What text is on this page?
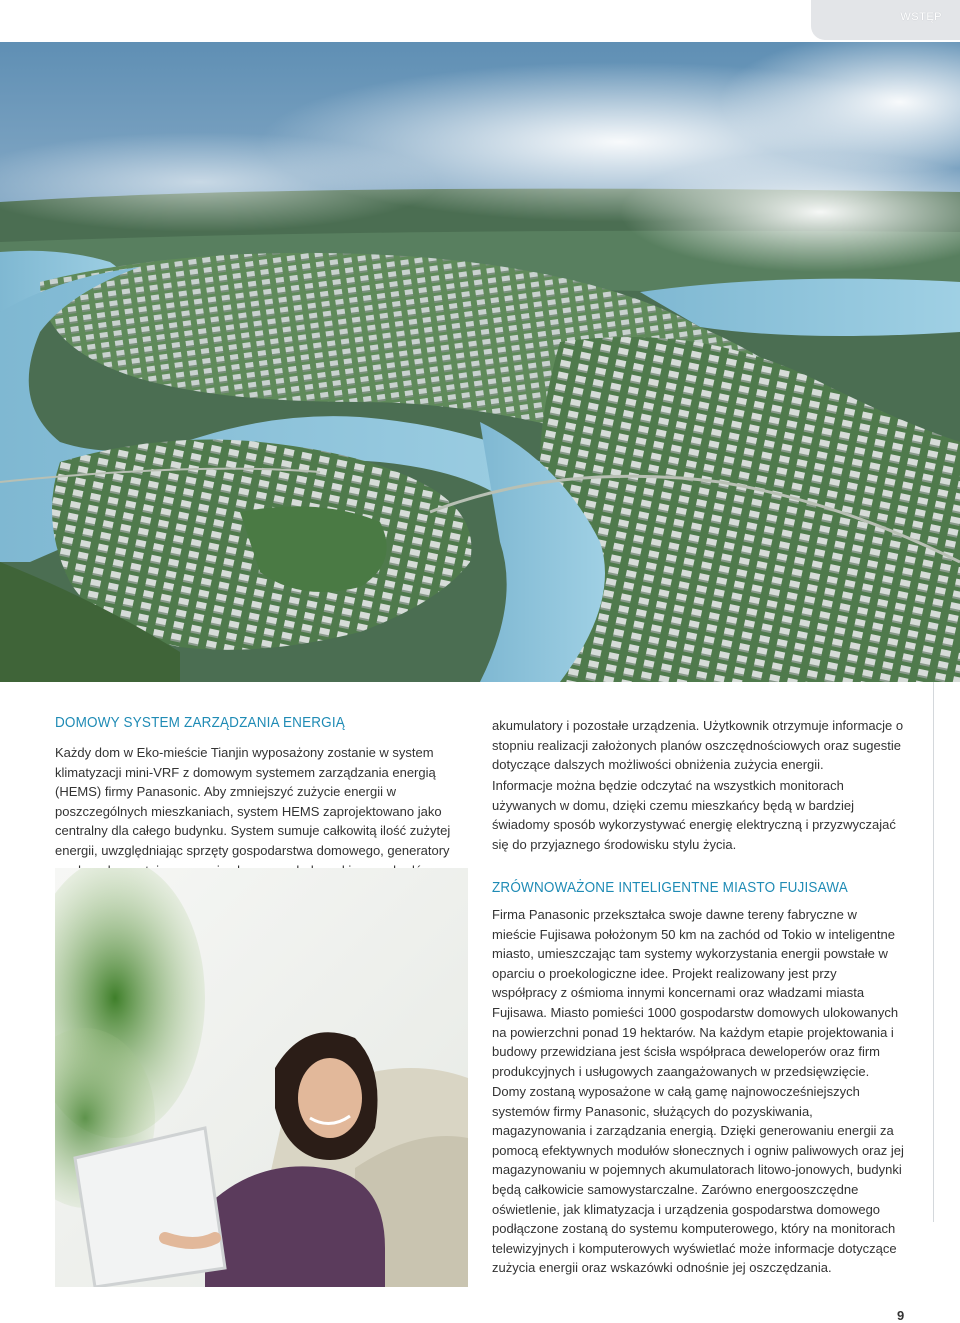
WSTĘP
DOMOWY SYSTEM ZARZĄDZANIA ENERGIĄ

Każdy dom w Eko-mieście Tianjin wyposażony zostanie w system klimatyzacji mini-VRF z domowym systemem zarządzania energią (HEMS) firmy Panasonic. Aby zmniejszyć zużycie energii w poszczególnych mieszkaniach, system HEMS zaprojektowano jako centralny dla całego budynku. System sumuje całkowitą ilość zużytej energii, uwzględniając sprzęty gospodarstwa domowego, generatory

akumulatory i pozostałe urządzenia. Użytkownik otrzymuje informacje o stopniu realizacji założonych planów oszczędnościowych oraz sugestie dotyczące dalszych możliwości obniżenia zużycia energii.

Informacje można będzie odczytać na wszystkich monitorach używanych w domu, dzięki czemu mieszkańcy będą w bardziej świadomy sposób wykorzystywać energię elektryczną i przyzwyczajać się do przyjaznego środowisku stylu życia.

ZRÓWNOWAŻONE INTELIGENTNE MIASTO FUJISAWA

Firma Panasonic przekształca swoje dawne tereny fabryczne w mieście Fujisawa położonym 50 km na zachód od Tokio w inteligentne miasto, umieszczając tam systemy wykorzystania energii powstałe w oparciu o proekologiczne idee. Projekt realizowany jest przy współpracy z ośmioma innymi koncernami oraz władzami miasta Fujisawa. Miasto pomieści 1000 gospodarstw domowych ulokowanych na powierzchni ponad 19 hektarów. Na każdym etapie projektowania i budowy przewidziana jest ścisła współpraca deweloperów oraz firm produkcyjnych i usługowych zaangażowanych w przedsięwzięcie.

Domy zostaną wyposażone w całą gamę najnowocześniejszych systemów firmy Panasonic, służących do pozyskiwania, magazynowania i zarządzania energią. Dzięki generowaniu energii za pomocą efektywnych modułów słonecznych i ogniw paliwowych oraz jej magazynowaniu w pojemnych akumulatorach litowo-jonowych, budynki będą całkowicie samowystarczalne. Zarówno energooszczędne oświetlenie, jak klimatyzacja i urządzenia gospodarstwa domowego podłączone zostaną do systemu komputerowego, który na monitorach telewizyjnych i komputerowych wyświetlać może informacje dotyczące zużycia energii oraz wskazówki odnośnie jej oszczędzania.

9
